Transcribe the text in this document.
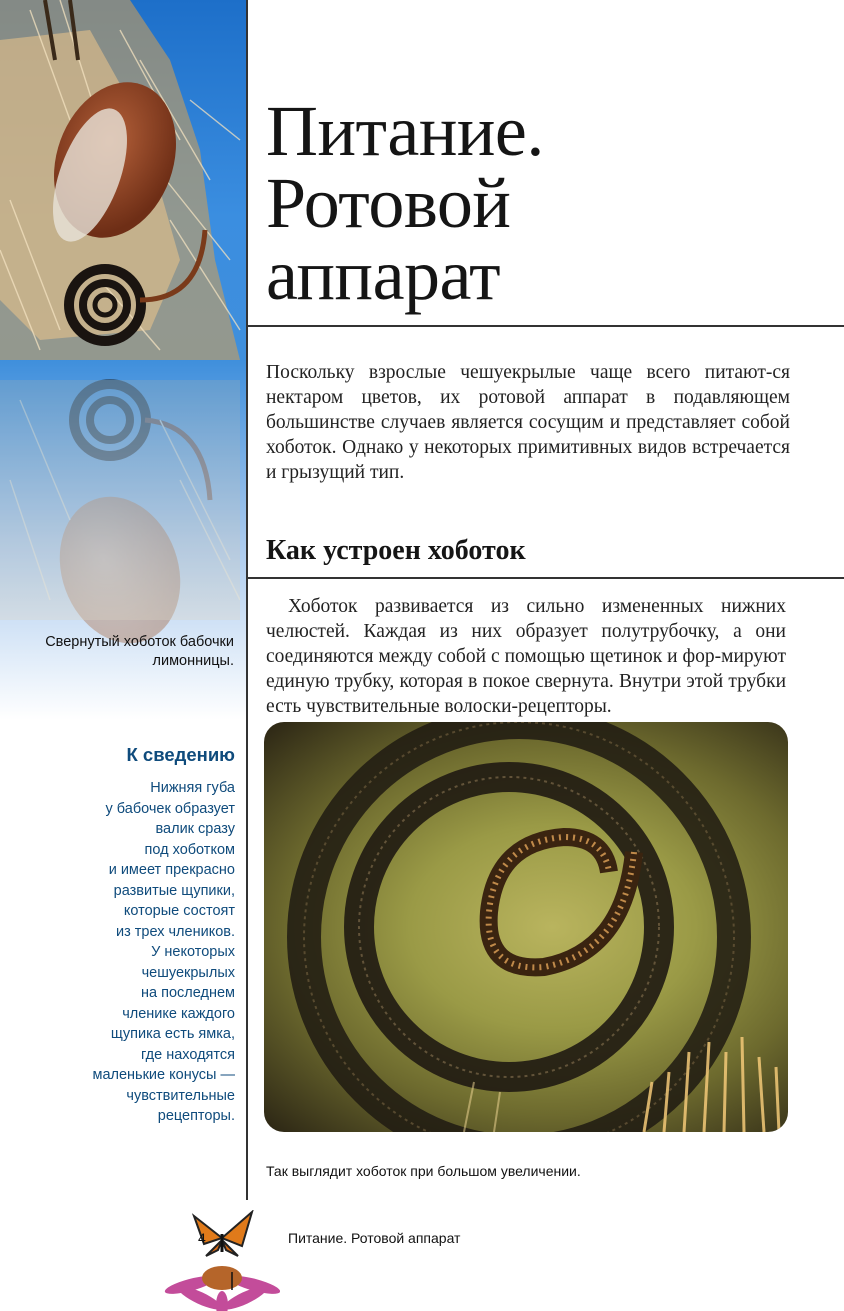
Питание.
Ротовой
аппарат

Поскольку взрослые чешуекрылые чаще всего питают-ся нектаром цветов, их ротовой аппарат в подавляющем большинстве случаев является сосущим и представляет собой хоботок. Однако у некоторых примитивных видов встречается и грызущий тип.

Как устроен хоботок

Хоботок развивается из сильно измененных нижних челюстей. Каждая из них образует полутрубочку, а они соединяются между собой с помощью щетинок и фор-мируют единую трубку, которая в покое свернута. Внутри этой трубки есть чувствительные волоски-рецепторы.

Свернутый хоботок бабочки лимонницы.
К сведению
Нижняя губа
у бабочек образует
валик сразу
под хоботком
и имеет прекрасно
развитые щупики,
которые состоят
из трех члеников.
У некоторых
чешуекрылых
на последнем
членике каждого
щупика есть ямка,
где находятся
маленькие конусы —
чувствительные
рецепторы.
Так выглядит хоботок при большом увеличении.
4	Питание. Ротовой аппарат
